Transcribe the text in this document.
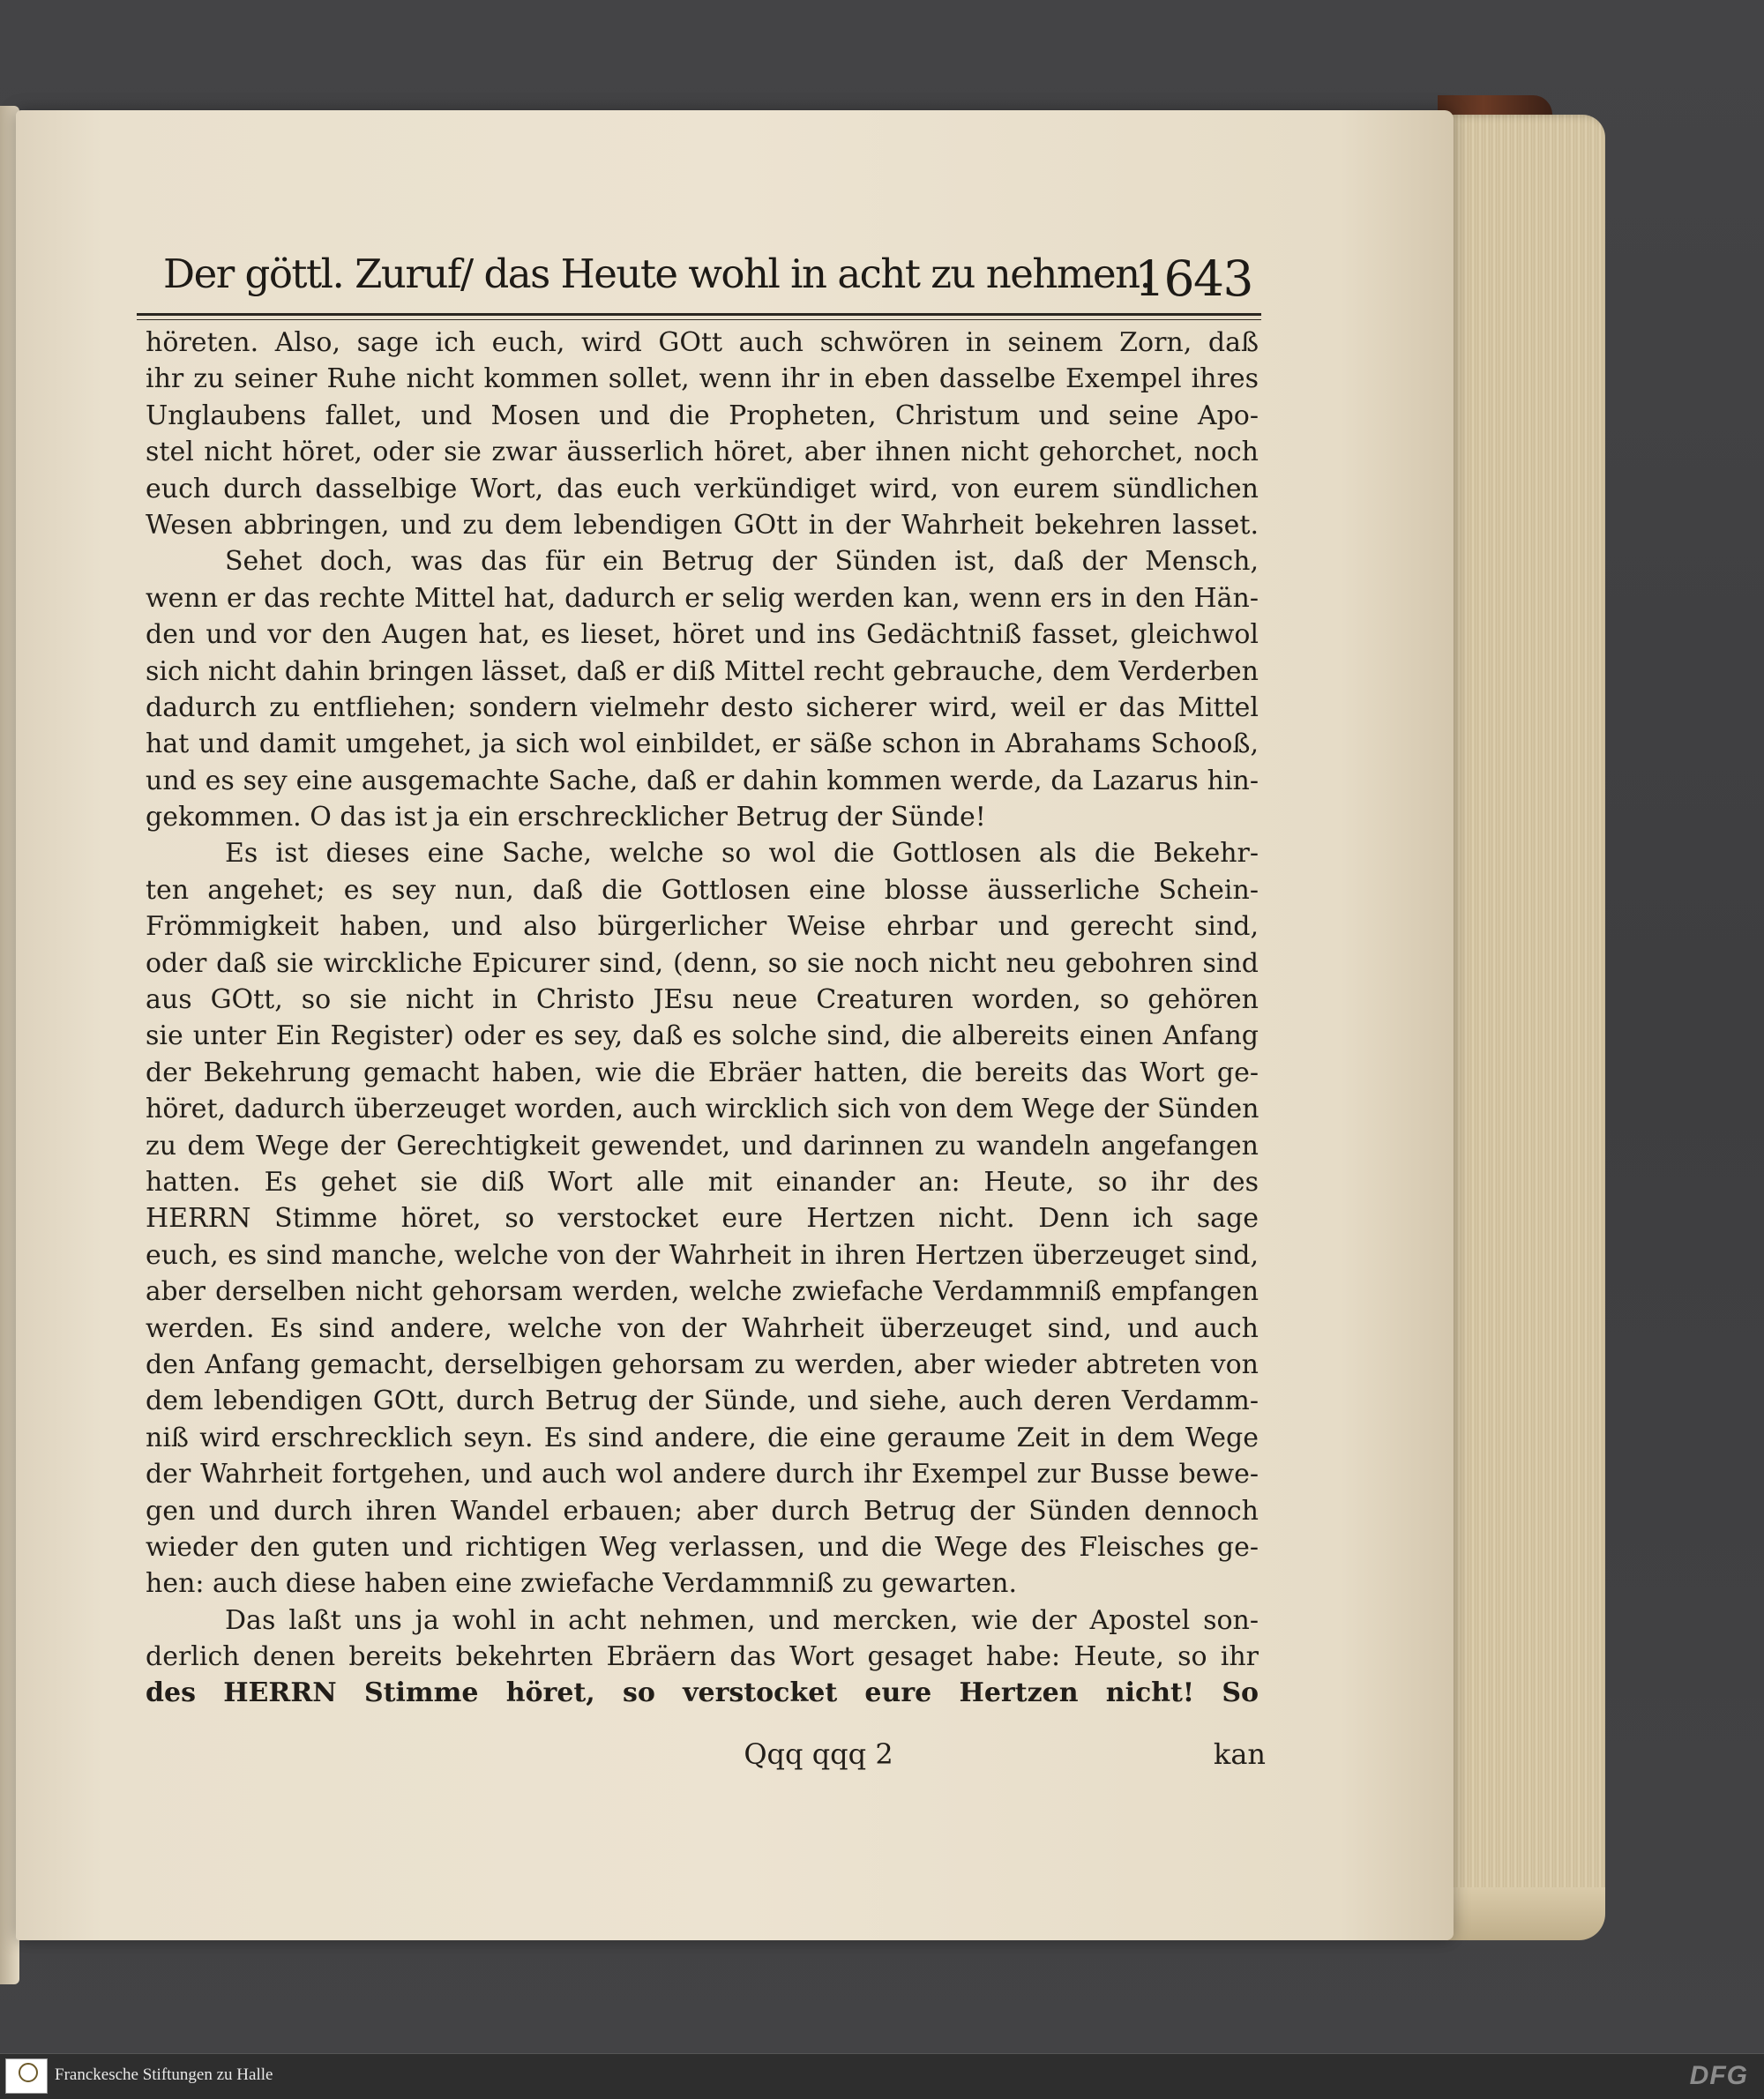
Der göttl. Zuruf/ das Heute wohl in acht zu nehmen.
1643
höreten. Also, sage ich euch, wird GOtt auch schwören in seinem Zorn, daß
ihr zu seiner Ruhe nicht kommen sollet, wenn ihr in eben dasselbe Exempel ihres
Unglaubens fallet, und Mosen und die Propheten, Christum und seine Apo-
stel nicht höret, oder sie zwar äusserlich höret, aber ihnen nicht gehorchet, noch
euch durch dasselbige Wort, das euch verkündiget wird, von eurem sündlichen
Wesen abbringen, und zu dem lebendigen GOtt in der Wahrheit bekehren lasset.
Sehet doch, was das für ein Betrug der Sünden ist, daß der Mensch,
wenn er das rechte Mittel hat, dadurch er selig werden kan, wenn ers in den Hän-
den und vor den Augen hat, es lieset, höret und ins Gedächtniß fasset, gleichwol
sich nicht dahin bringen lässet, daß er diß Mittel recht gebrauche, dem Verderben
dadurch zu entfliehen; sondern vielmehr desto sicherer wird, weil er das Mittel
hat und damit umgehet, ja sich wol einbildet, er säße schon in Abrahams Schooß,
und es sey eine ausgemachte Sache, daß er dahin kommen werde, da Lazarus hin-
gekommen. O das ist ja ein erschrecklicher Betrug der Sünde!
Es ist dieses eine Sache, welche so wol die Gottlosen als die Bekehr-
ten angehet; es sey nun, daß die Gottlosen eine blosse äusserliche Schein-
Frömmigkeit haben, und also bürgerlicher Weise ehrbar und gerecht sind,
oder daß sie wirckliche Epicurer sind, (denn, so sie noch nicht neu gebohren sind
aus GOtt, so sie nicht in Christo JEsu neue Creaturen worden, so gehören
sie unter Ein Register) oder es sey, daß es solche sind, die albereits einen Anfang
der Bekehrung gemacht haben, wie die Ebräer hatten, die bereits das Wort ge-
höret, dadurch überzeuget worden, auch wircklich sich von dem Wege der Sünden
zu dem Wege der Gerechtigkeit gewendet, und darinnen zu wandeln angefangen
hatten. Es gehet sie diß Wort alle mit einander an: Heute, so ihr des
HERRN Stimme höret, so verstocket eure Hertzen nicht. Denn ich sage
euch, es sind manche, welche von der Wahrheit in ihren Hertzen überzeuget sind,
aber derselben nicht gehorsam werden, welche zwiefache Verdammniß empfangen
werden. Es sind andere, welche von der Wahrheit überzeuget sind, und auch
den Anfang gemacht, derselbigen gehorsam zu werden, aber wieder abtreten von
dem lebendigen GOtt, durch Betrug der Sünde, und siehe, auch deren Verdamm-
niß wird erschrecklich seyn. Es sind andere, die eine geraume Zeit in dem Wege
der Wahrheit fortgehen, und auch wol andere durch ihr Exempel zur Busse bewe-
gen und durch ihren Wandel erbauen; aber durch Betrug der Sünden dennoch
wieder den guten und richtigen Weg verlassen, und die Wege des Fleisches ge-
hen: auch diese haben eine zwiefache Verdammniß zu gewarten.
Das laßt uns ja wohl in acht nehmen, und mercken, wie der Apostel son-
derlich denen bereits bekehrten Ebräern das Wort gesaget habe: Heute, so ihr
des HERRN Stimme höret, so verstocket eure Hertzen nicht! So
Qqq qqq 2	kan
Franckesche Stiftungen zu Halle	DFG
